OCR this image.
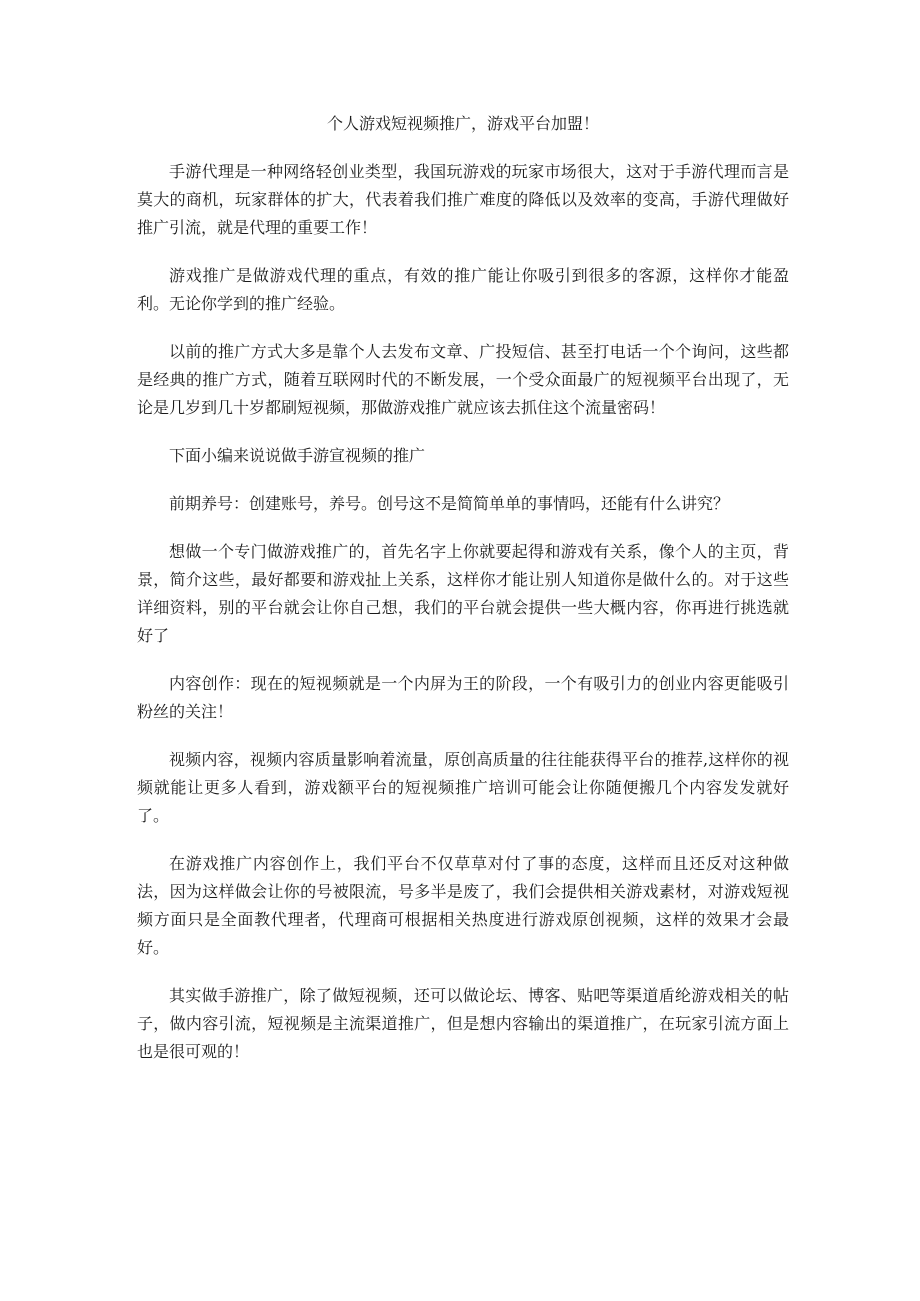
个人游戏短视频推广，游戏平台加盟！

手游代理是一种网络轻创业类型，我国玩游戏的玩家市场很大，这对于手游代理而言是莫大的商机，玩家群体的扩大，代表着我们推广难度的降低以及效率的变高，手游代理做好推广引流，就是代理的重要工作！

游戏推广是做游戏代理的重点，有效的推广能让你吸引到很多的客源，这样你才能盈利。无论你学到的推广经验。

以前的推广方式大多是靠个人去发布文章、广投短信、甚至打电话一个个询问，这些都是经典的推广方式，随着互联网时代的不断发展，一个受众面最广的短视频平台出现了，无论是几岁到几十岁都刷短视频，那做游戏推广就应该去抓住这个流量密码！

下面小编来说说做手游宣视频的推广

前期养号：创建账号，养号。创号这不是简简单单的事情吗，还能有什么讲究？

想做一个专门做游戏推广的，首先名字上你就要起得和游戏有关系，像个人的主页，背景，简介这些，最好都要和游戏扯上关系，这样你才能让别人知道你是做什么的。对于这些详细资料，别的平台就会让你自己想，我们的平台就会提供一些大概内容，你再进行挑选就好了

内容创作：现在的短视频就是一个内屏为王的阶段，一个有吸引力的创业内容更能吸引粉丝的关注！

视频内容，视频内容质量影响着流量，原创高质量的往往能获得平台的推荐,这样你的视频就能让更多人看到，游戏额平台的短视频推广培训可能会让你随便搬几个内容发发就好了。

在游戏推广内容创作上，我们平台不仅草草对付了事的态度，这样而且还反对这种做法，因为这样做会让你的号被限流，号多半是废了，我们会提供相关游戏素材，对游戏短视频方面只是全面教代理者，代理商可根据相关热度进行游戏原创视频，这样的效果才会最好。

其实做手游推广，除了做短视频，还可以做论坛、博客、贴吧等渠道盾纶游戏相关的帖子，做内容引流，短视频是主流渠道推广，但是想内容输出的渠道推广，在玩家引流方面上也是很可观的！
